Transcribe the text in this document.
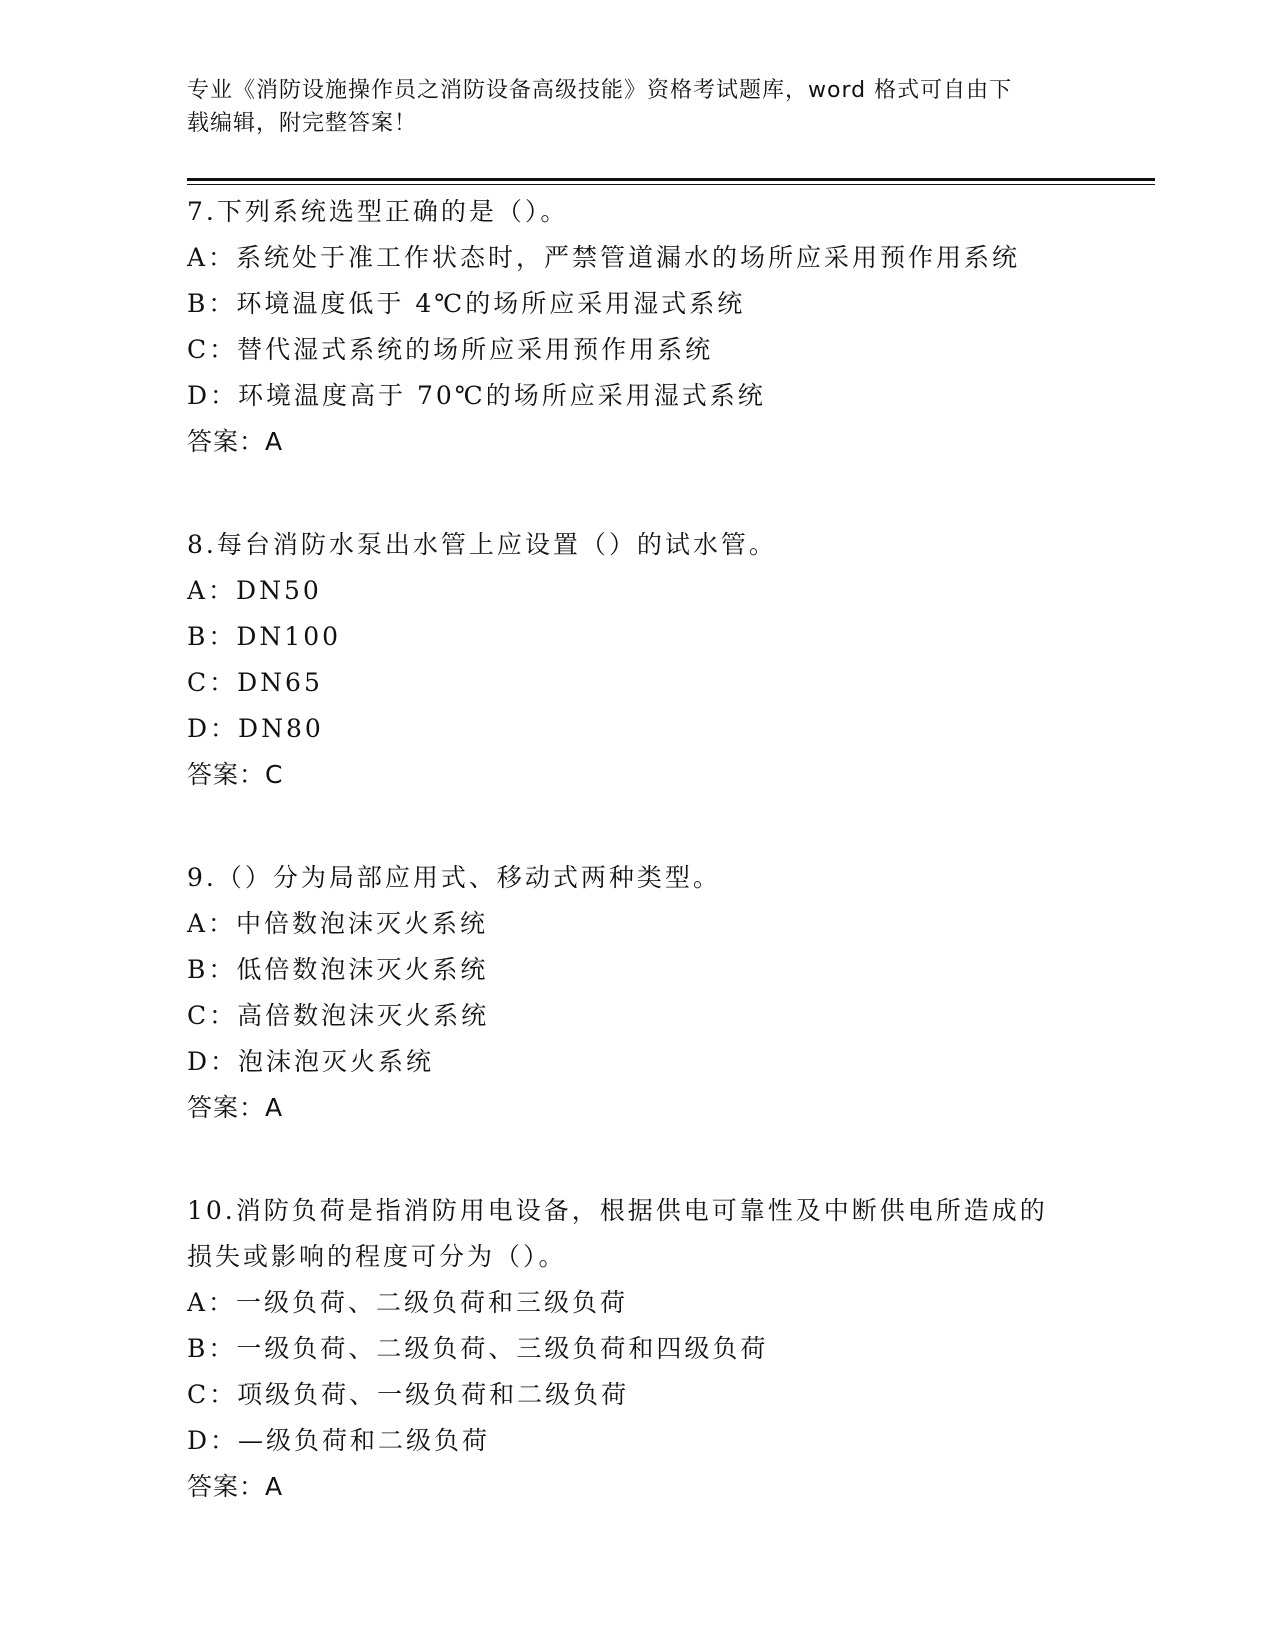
专业《消防设施操作员之消防设备高级技能》资格考试题库，word 格式可自由下
载编辑，附完整答案！
7.下列系统选型正确的是（）。
A：系统处于准工作状态时，严禁管道漏水的场所应采用预作用系统
B：环境温度低于 4℃的场所应采用湿式系统
C：替代湿式系统的场所应采用预作用系统
D：环境温度高于 70℃的场所应采用湿式系统
答案：A
8.每台消防水泵出水管上应设置（）的试水管。
A：DN50
B：DN100
C：DN65
D：DN80
答案：C
9.（）分为局部应用式、移动式两种类型。
A：中倍数泡沫灭火系统
B：低倍数泡沫灭火系统
C：高倍数泡沫灭火系统
D：泡沫泡灭火系统
答案：A
10.消防负荷是指消防用电设备，根据供电可靠性及中断供电所造成的
损失或影响的程度可分为（）。
A：一级负荷、二级负荷和三级负荷
B：一级负荷、二级负荷、三级负荷和四级负荷
C：项级负荷、一级负荷和二级负荷
D：—级负荷和二级负荷
答案：A
